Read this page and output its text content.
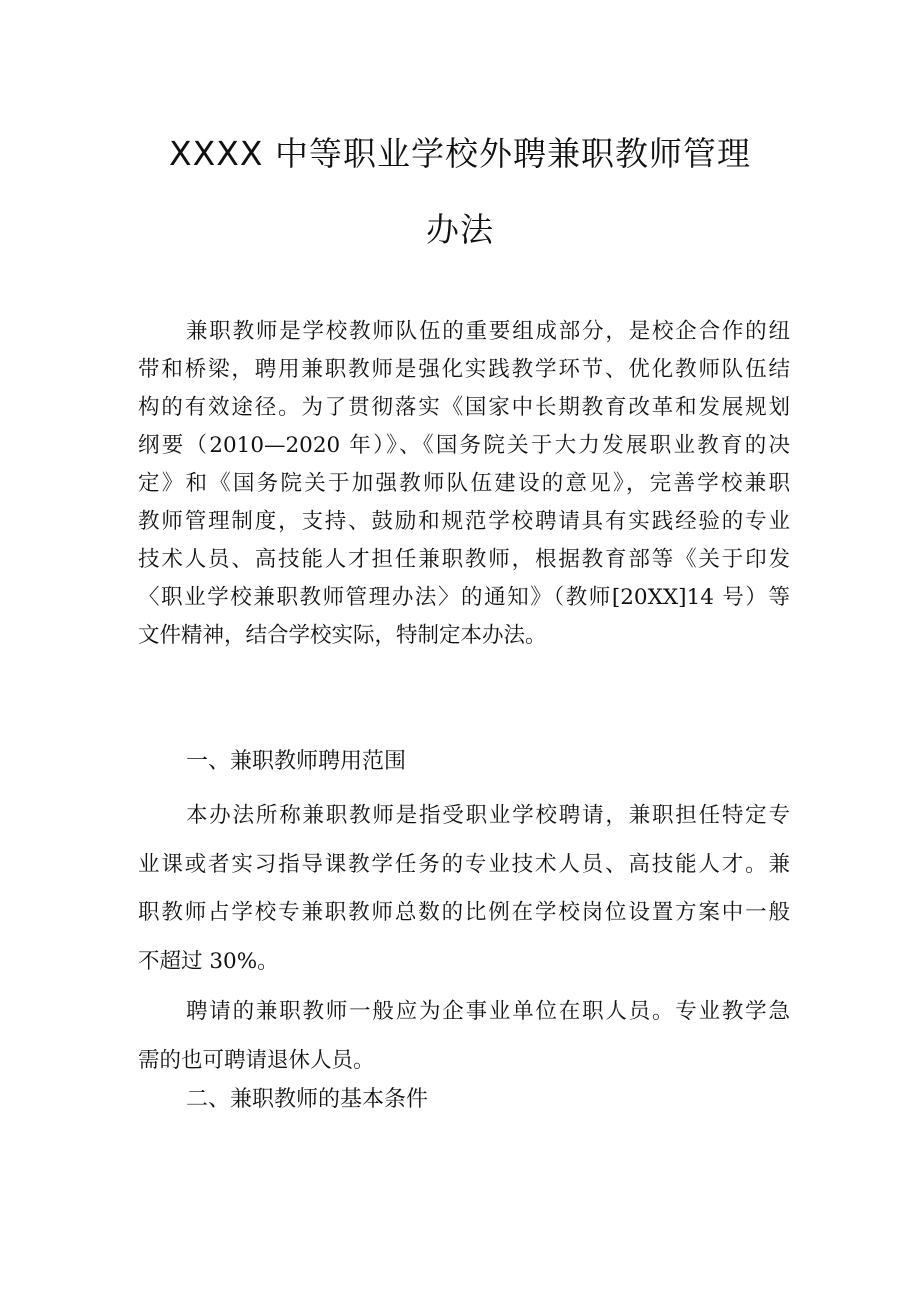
XXXX 中等职业学校外聘兼职教师管理
办法
兼职教师是学校教师队伍的重要组成部分，是校企合作的纽
带和桥梁，聘用兼职教师是强化实践教学环节、优化教师队伍结
构的有效途径。为了贯彻落实《国家中长期教育改革和发展规划
纲要（2010—2020 年）》、《国务院关于大力发展职业教育的决
定》和《国务院关于加强教师队伍建设的意见》，完善学校兼职
教师管理制度，支持、鼓励和规范学校聘请具有实践经验的专业
技术人员、高技能人才担任兼职教师，根据教育部等《关于印发
〈职业学校兼职教师管理办法〉的通知》（教师[20XX]14 号）等
文件精神，结合学校实际，特制定本办法。
一、兼职教师聘用范围
本办法所称兼职教师是指受职业学校聘请，兼职担任特定专
业课或者实习指导课教学任务的专业技术人员、高技能人才。兼
职教师占学校专兼职教师总数的比例在学校岗位设置方案中一般
不超过 30%。
聘请的兼职教师一般应为企事业单位在职人员。专业教学急
需的也可聘请退休人员。
二、兼职教师的基本条件
